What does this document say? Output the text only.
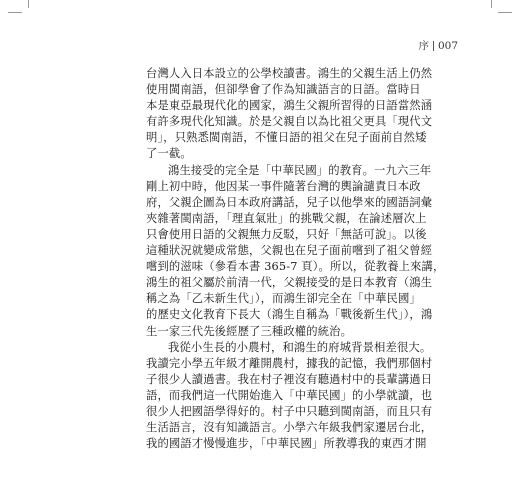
序 007
台灣人入日本設立的公學校讀書。鴻生的父親生活上仍然
使用閩南語，但卻學會了作為知識語言的日語。當時日
本是東亞最現代化的國家，鴻生父親所習得的日語當然涵
有許多現代化知識。於是父親自以為比祖父更具「現代文
明」，只熟悉閩南語，不懂日語的祖父在兒子面前自然矮
了一截。
鴻生接受的完全是「中華民國」的教育。一九六三年
剛上初中時，他因某一事件隨著台灣的輿論譴責日本政
府，父親企圖為日本政府講話，兒子以他學來的國語詞彙
夾雜著閩南語，「理直氣壯」的挑戰父親，在論述層次上
只會使用日語的父親無力反駁，只好「無話可說」。以後
這種狀況就變成常態，父親也在兒子面前嚐到了祖父曾經
嚐到的滋味（參看本書 365-7 頁）。所以，從教養上來講，
鴻生的祖父屬於前清一代，父親接受的是日本教育（鴻生
稱之為「乙未新生代」），而鴻生卻完全在「中華民國」
的歷史文化教育下長大（鴻生自稱為「戰後新生代」），鴻
生一家三代先後經歷了三種政權的統治。
我從小生長的小農村，和鴻生的府城背景相差很大。
我讀完小學五年級才離開農村，據我的記憶，我們那個村
子很少人讀過書。我在村子裡沒有聽過村中的長輩講過日
語，而我們這一代開始進入「中華民國」的小學就讀，也
很少人把國語學得好的。村子中只聽到閩南語，而且只有
生活語言，沒有知識語言。小學六年級我們家遷居台北，
我的國語才慢慢進步，「中華民國」所教導我的東西才開
